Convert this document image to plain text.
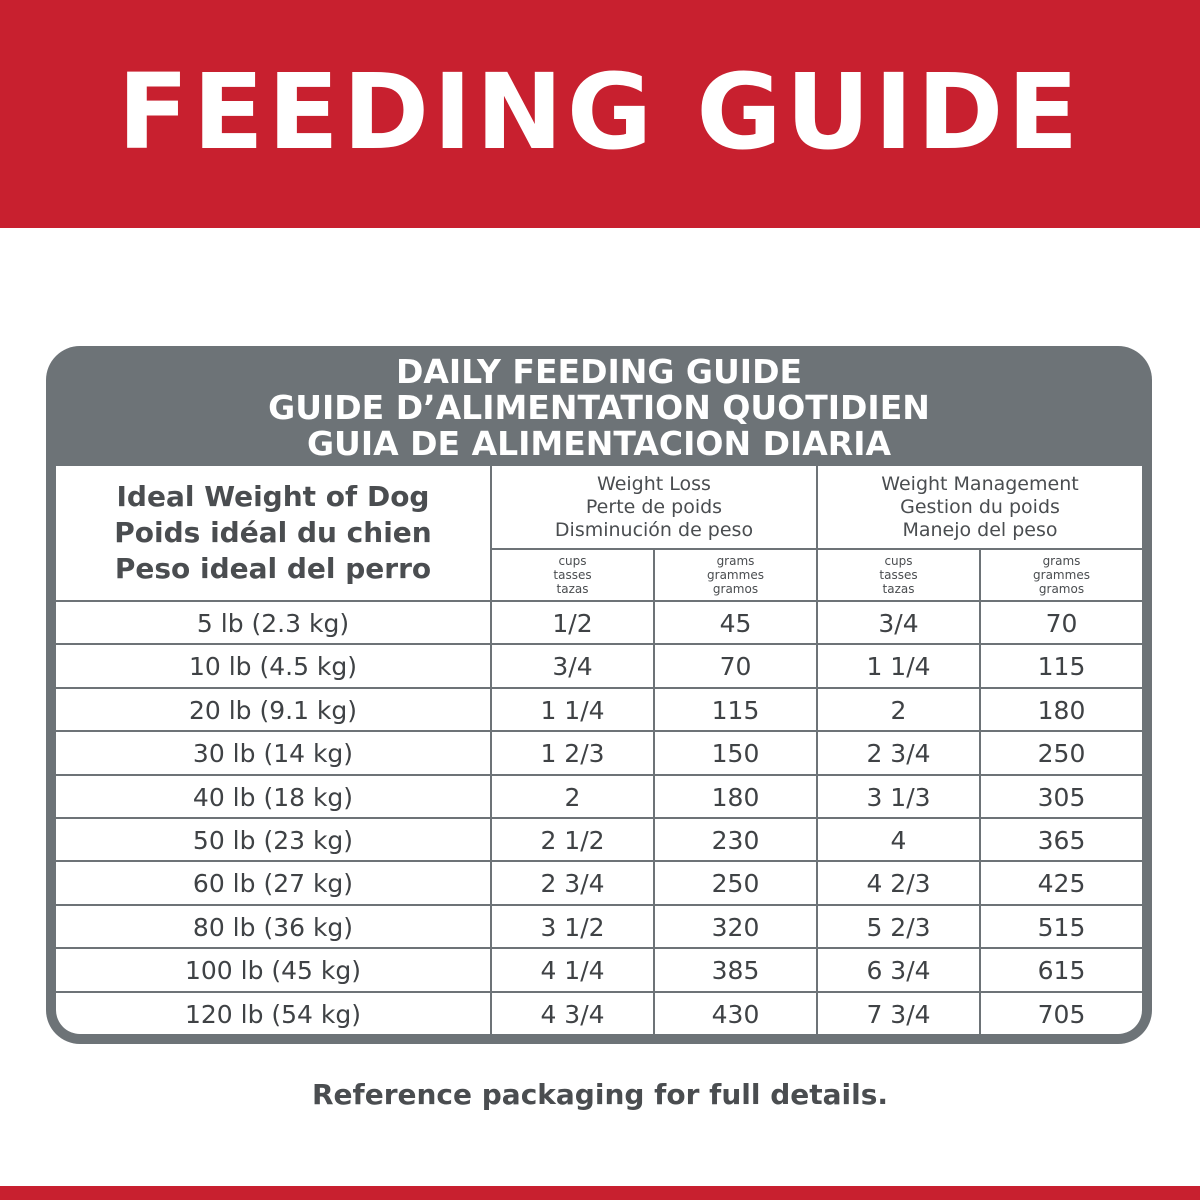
FEEDING GUIDE
DAILY FEEDING GUIDE
GUIDE D’ALIMENTATION QUOTIDIEN
GUIA DE ALIMENTACION DIARIA
Ideal Weight of Dog
Poids idéal du chien
Peso ideal del perro
Weight Loss
Perte de poids
Disminución de peso
Weight Management
Gestion du poids
Manejo del peso
cups
tasses
tazas
grams
grammes
gramos
cups
tasses
tazas
grams
grammes
gramos
5 lb (2.3 kg)	1/2	45	3/4	70
10 lb (4.5 kg)	3/4	70	1 1/4	115
20 lb (9.1 kg)	1 1/4	115	2	180
30 lb (14 kg)	1 2/3	150	2 3/4	250
40 lb (18 kg)	2	180	3 1/3	305
50 lb (23 kg)	2 1/2	230	4	365
60 lb (27 kg)	2 3/4	250	4 2/3	425
80 lb (36 kg)	3 1/2	320	5 2/3	515
100 lb (45 kg)	4 1/4	385	6 3/4	615
120 lb (54 kg)	4 3/4	430	7 3/4	705
Reference packaging for full details.
